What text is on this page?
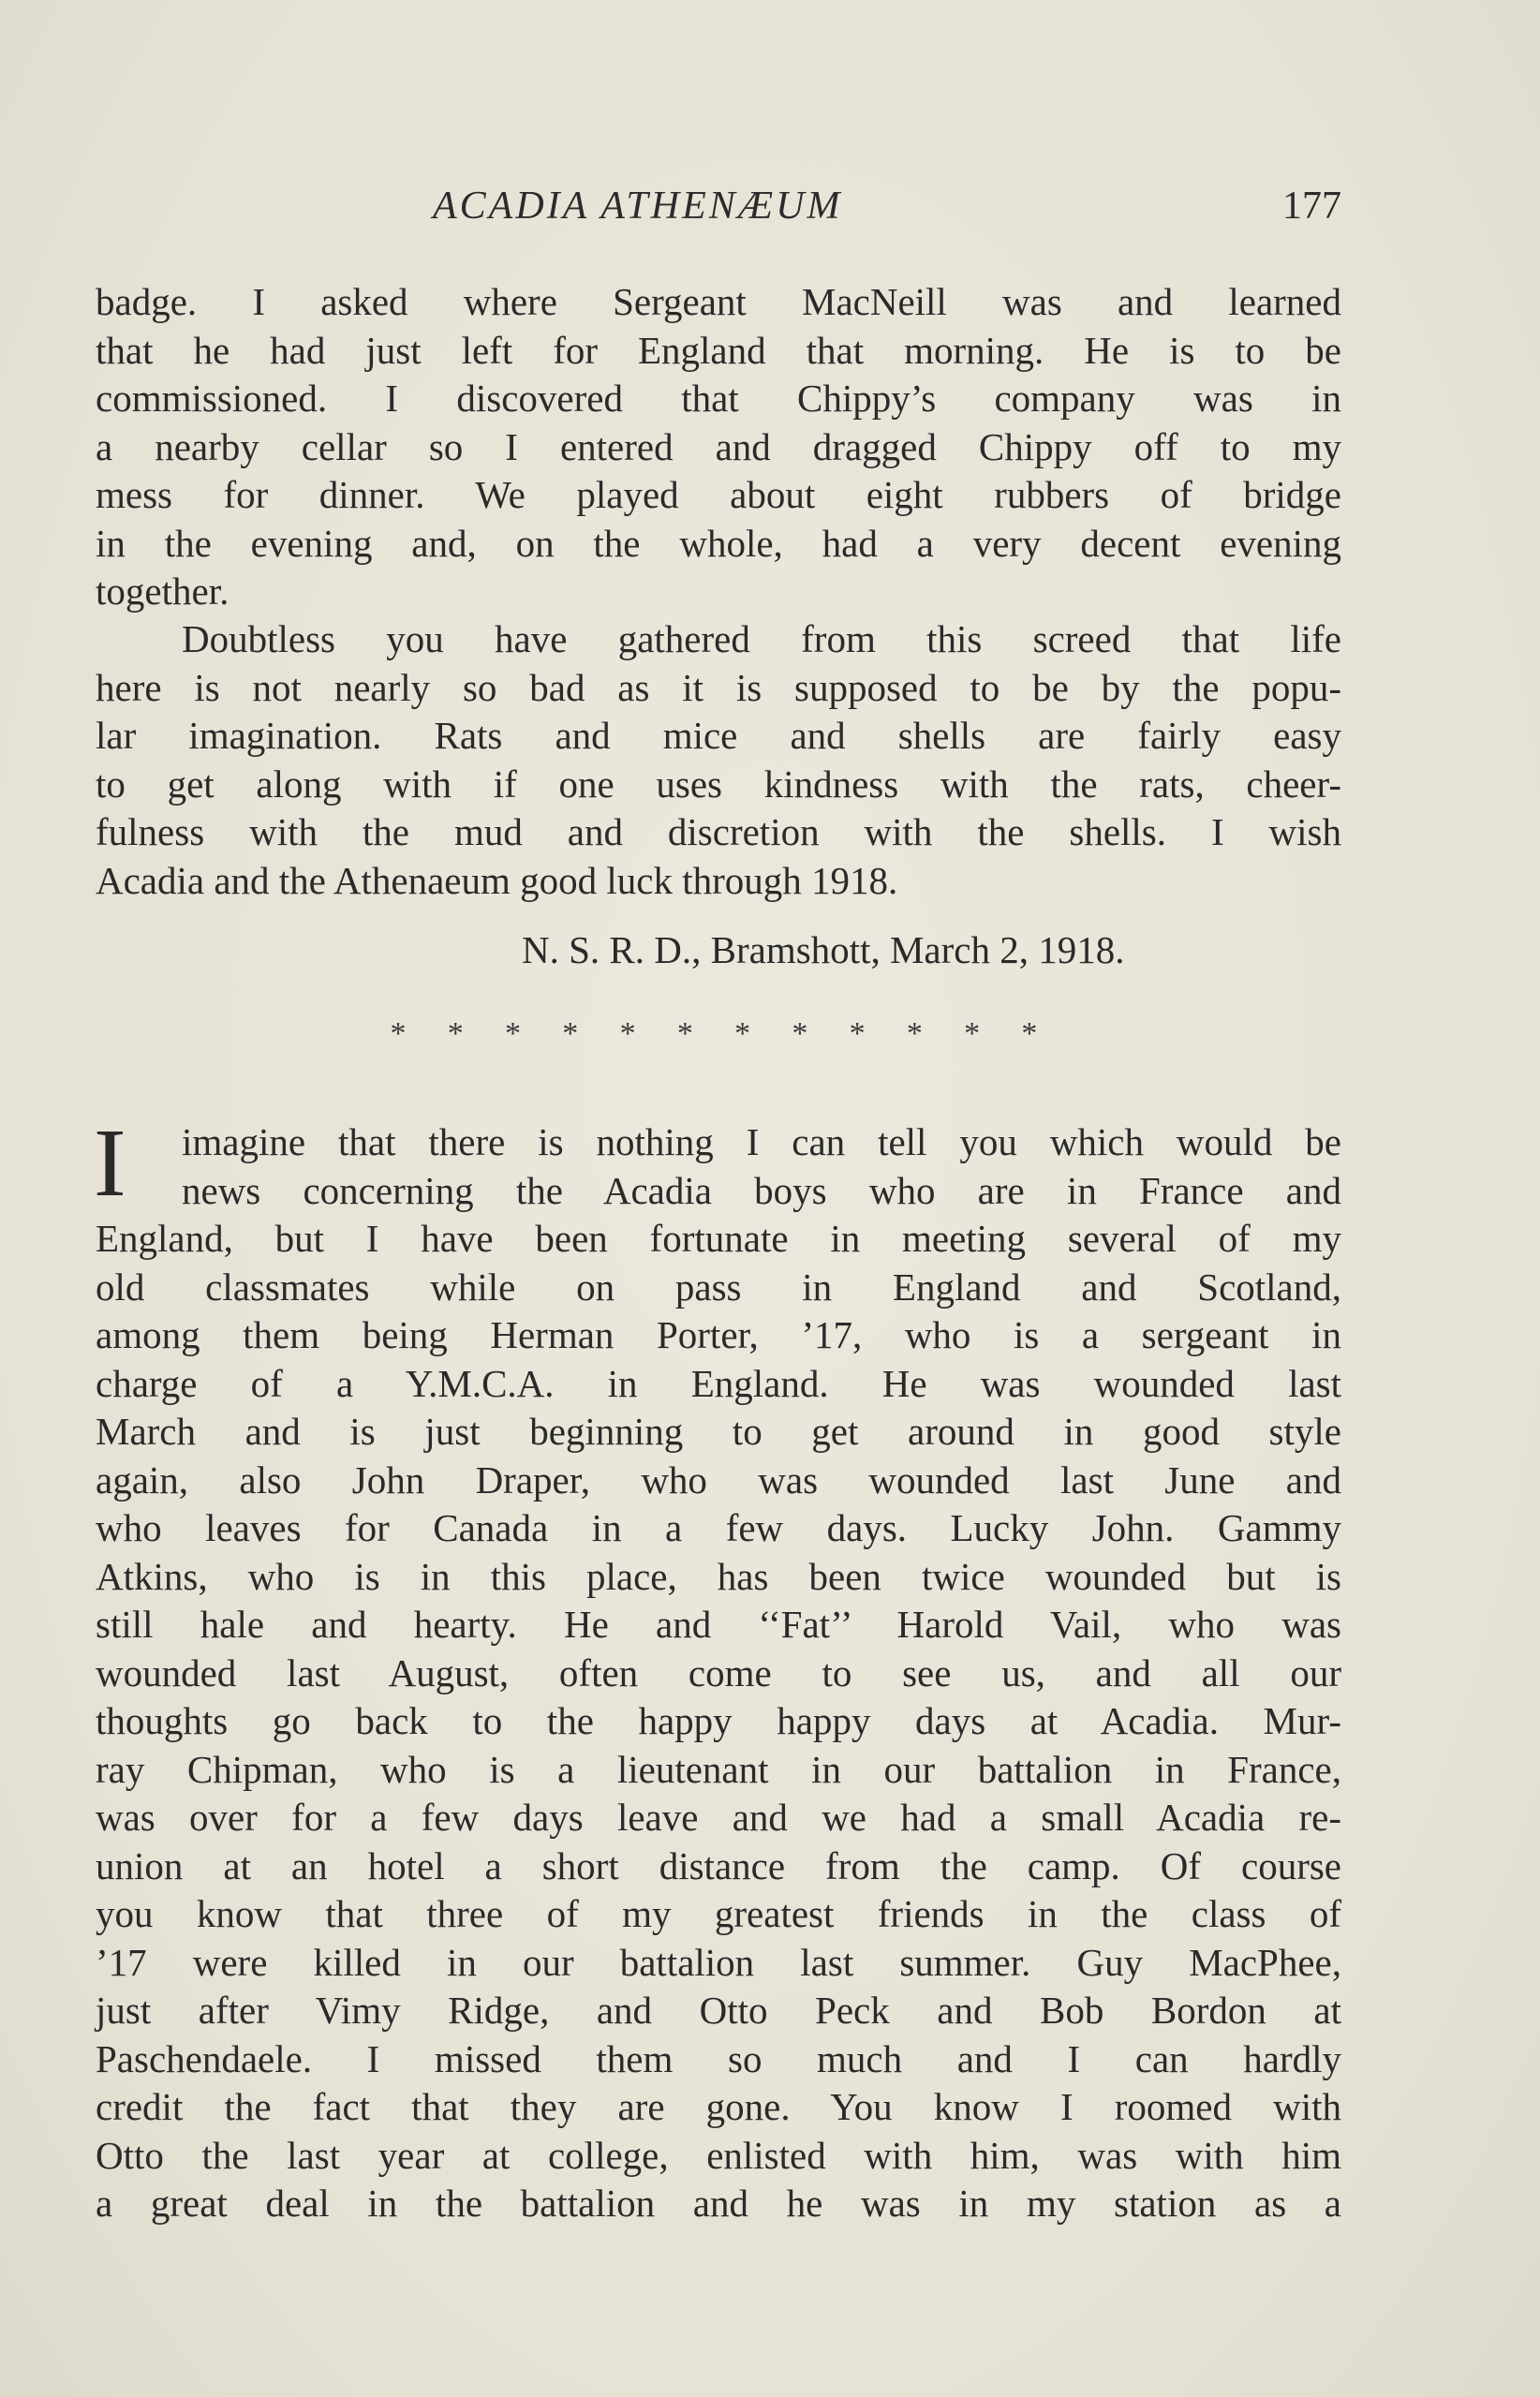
ACADIA ATHENÆUM	177
badge. I asked where Sergeant MacNeill was and learned
that he had just left for England that morning. He is to be
commissioned. I discovered that Chippy’s company was in
a nearby cellar so I entered and dragged Chippy off to my
mess for dinner. We played about eight rubbers of bridge
in the evening and, on the whole, had a very decent evening
together.
Doubtless you have gathered from this screed that life
here is not nearly so bad as it is supposed to be by the popu-
lar imagination. Rats and mice and shells are fairly easy
to get along with if one uses kindness with the rats, cheer-
fulness with the mud and discretion with the shells. I wish
Acadia and the Athenaeum good luck through 1918.
N. S. R. D., Bramshott, March 2, 1918.
* * * * * * * * * * * *
I	imagine that there is nothing I can tell you which would be
news concerning the Acadia boys who are in France and
England, but I have been fortunate in meeting several of my
old classmates while on pass in England and Scotland,
among them being Herman Porter, ’17, who is a sergeant in
charge of a Y.M.C.A. in England. He was wounded last
March and is just beginning to get around in good style
again, also John Draper, who was wounded last June and
who leaves for Canada in a few days. Lucky John. Gammy
Atkins, who is in this place, has been twice wounded but is
still hale and hearty. He and ‘‘Fat’’ Harold Vail, who was
wounded last August, often come to see us, and all our
thoughts go back to the happy happy days at Acadia. Mur-
ray Chipman, who is a lieutenant in our battalion in France,
was over for a few days leave and we had a small Acadia re-
union at an hotel a short distance from the camp. Of course
you know that three of my greatest friends in the class of
’17 were killed in our battalion last summer. Guy MacPhee,
just after Vimy Ridge, and Otto Peck and Bob Bordon at
Paschendaele. I missed them so much and I can hardly
credit the fact that they are gone. You know I roomed with
Otto the last year at college, enlisted with him, was with him
a great deal in the battalion and he was in my station as a
